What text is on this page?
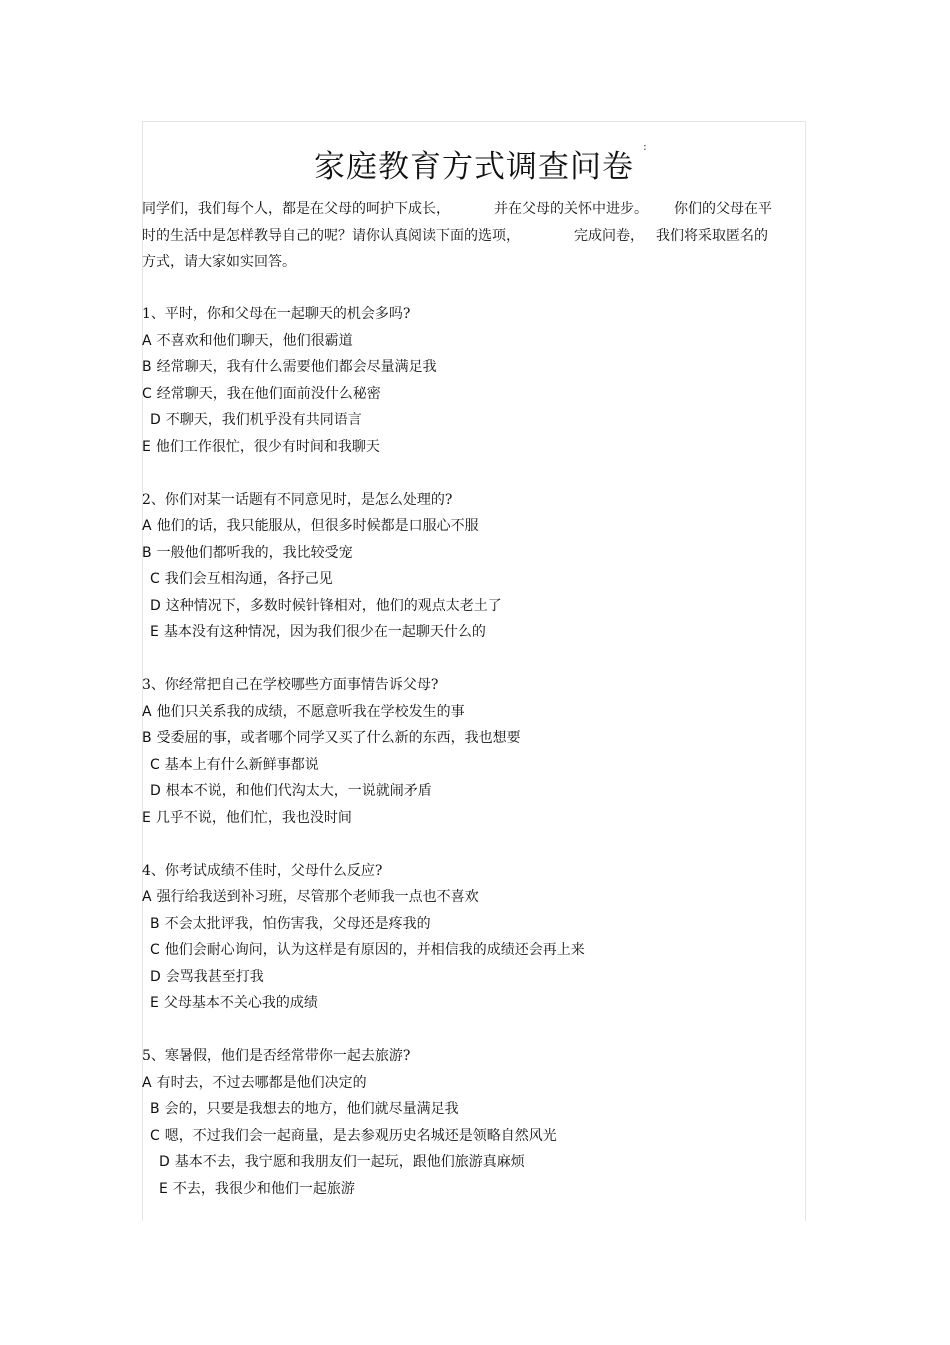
家庭教育方式调查问卷
:
同学们，我们每个人，都是在父母的呵护下成长，	并在父母的关怀中进步。 你们的父母在平
时的生活中是怎样教导自己的呢？请你认真阅读下面的选项，	完成问卷， 我们将采取匿名的
方式，请大家如实回答。
1、平时，你和父母在一起聊天的机会多吗?
A 不喜欢和他们聊天，他们很霸道
B 经常聊天，我有什么需要他们都会尽量满足我
C 经常聊天，我在他们面前没什么秘密
D 不聊天，我们机乎没有共同语言
E 他们工作很忙，很少有时间和我聊天
2、你们对某一话题有不同意见时，是怎么处理的?
A 他们的话，我只能服从，但很多时候都是口服心不服
B 一般他们都听我的，我比较受宠
C 我们会互相沟通，各抒己见
D 这种情况下，多数时候针锋相对，他们的观点太老土了
E 基本没有这种情况，因为我们很少在一起聊天什么的
3、你经常把自己在学校哪些方面事情告诉父母?
A 他们只关系我的成绩，不愿意听我在学校发生的事
B 受委屈的事，或者哪个同学又买了什么新的东西，我也想要
C 基本上有什么新鲜事都说
D 根本不说，和他们代沟太大，一说就闹矛盾
E 几乎不说，他们忙，我也没时间
4、你考试成绩不佳时，父母什么反应?
A 强行给我送到补习班，尽管那个老师我一点也不喜欢
B 不会太批评我，怕伤害我，父母还是疼我的
C 他们会耐心询问，认为这样是有原因的，并相信我的成绩还会再上来
D 会骂我甚至打我
E 父母基本不关心我的成绩
5、寒暑假，他们是否经常带你一起去旅游?
A 有时去，不过去哪都是他们决定的
B 会的，只要是我想去的地方，他们就尽量满足我
C 嗯，不过我们会一起商量，是去参观历史名城还是领略自然风光
D 基本不去，我宁愿和我朋友们一起玩，跟他们旅游真麻烦
E 不去，我很少和他们一起旅游
